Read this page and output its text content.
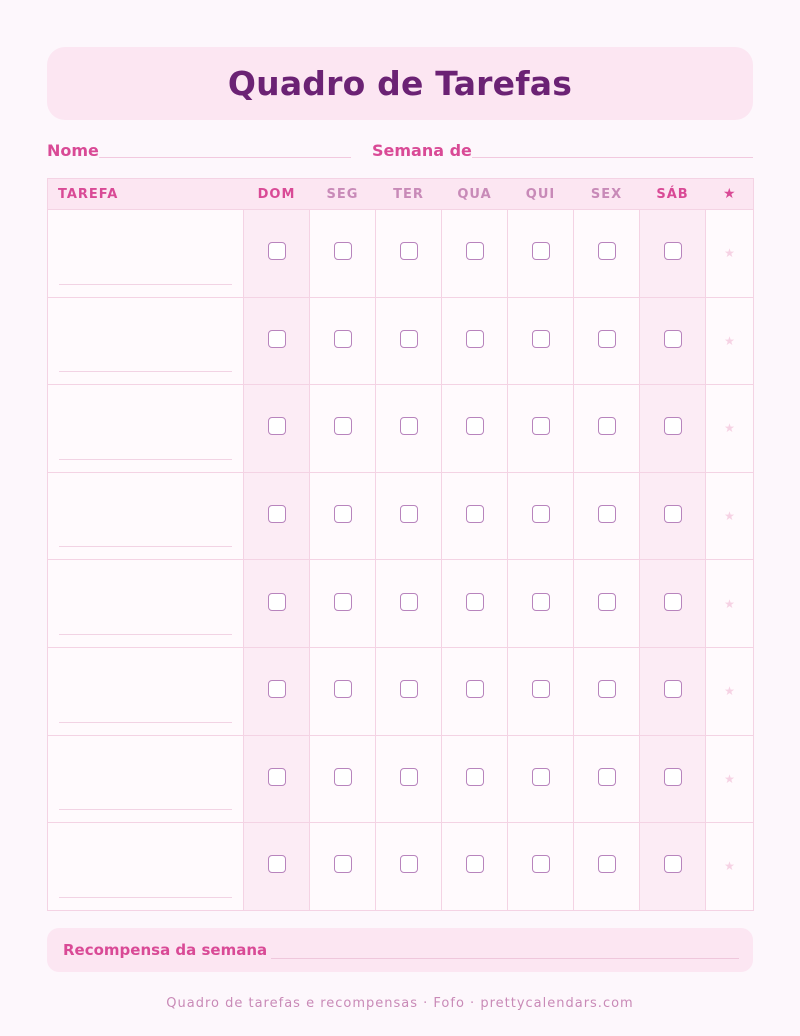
Quadro de Tarefas
Nome	Semana de
TAREFA	DOM	SEG	TER	QUA	QUI	SEX	SÁB	★

								★

								★

								★

								★

								★

								★

								★

								★
Recompensa da semana
Quadro de tarefas e recompensas · Fofo · prettycalendars.com
